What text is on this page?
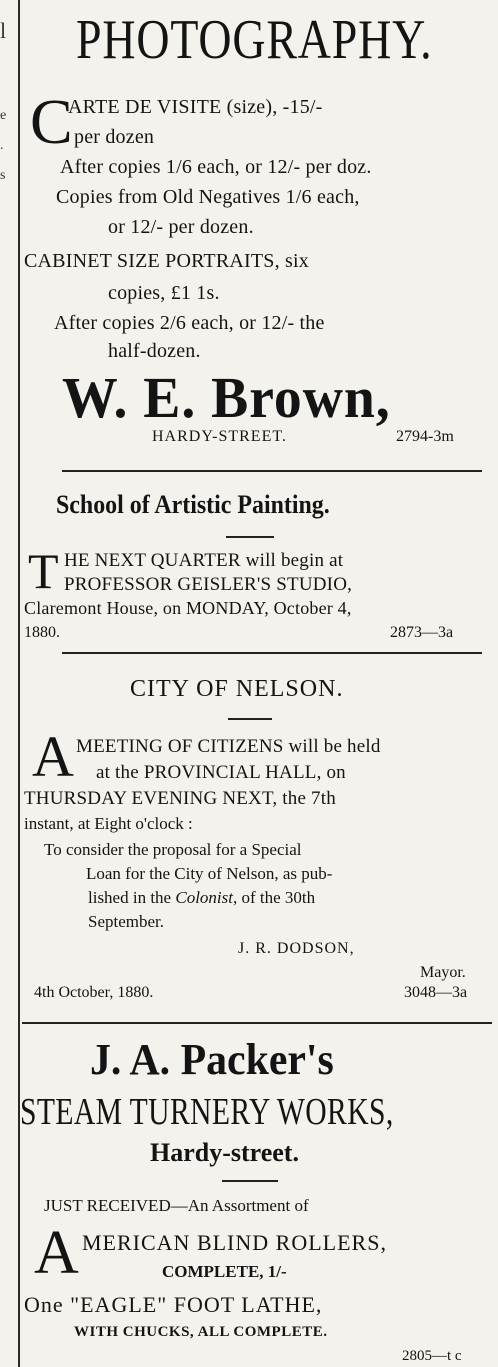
l
e
.
s
PHOTOGRAPHY.
C
ARTE DE VISITE (size), -15/-
per dozen
After copies 1/6 each, or 12/- per doz.
Copies from Old Negatives 1/6 each,
or 12/- per dozen.
CABINET SIZE PORTRAITS, six
copies, £1 1s.
After copies 2/6 each, or 12/- the
half-dozen.
W. E. Brown,
HARDY-STREET.	2794-3m
School of Artistic Painting.
T HE NEXT QUARTER will begin at
PROFESSOR GEISLER'S STUDIO,
Claremont House, on MONDAY, October 4,
1880.	2873—3a
CITY OF NELSON.
A MEETING OF CITIZENS will be held
at the PROVINCIAL HALL, on
THURSDAY EVENING NEXT, the 7th
instant, at Eight o'clock :
To consider the proposal for a Special
Loan for the City of Nelson, as pub-
lished in the Colonist, of the 30th
September.
J. R. DODSON,
Mayor.
4th October, 1880.	3048—3a
J. A. Packer's
STEAM TURNERY WORKS,
Hardy-street.
JUST RECEIVED—An Assortment of
A MERICAN BLIND ROLLERS,
COMPLETE, 1/-
One "EAGLE" FOOT LATHE,
WITH CHUCKS, ALL COMPLETE.
2805—t c
